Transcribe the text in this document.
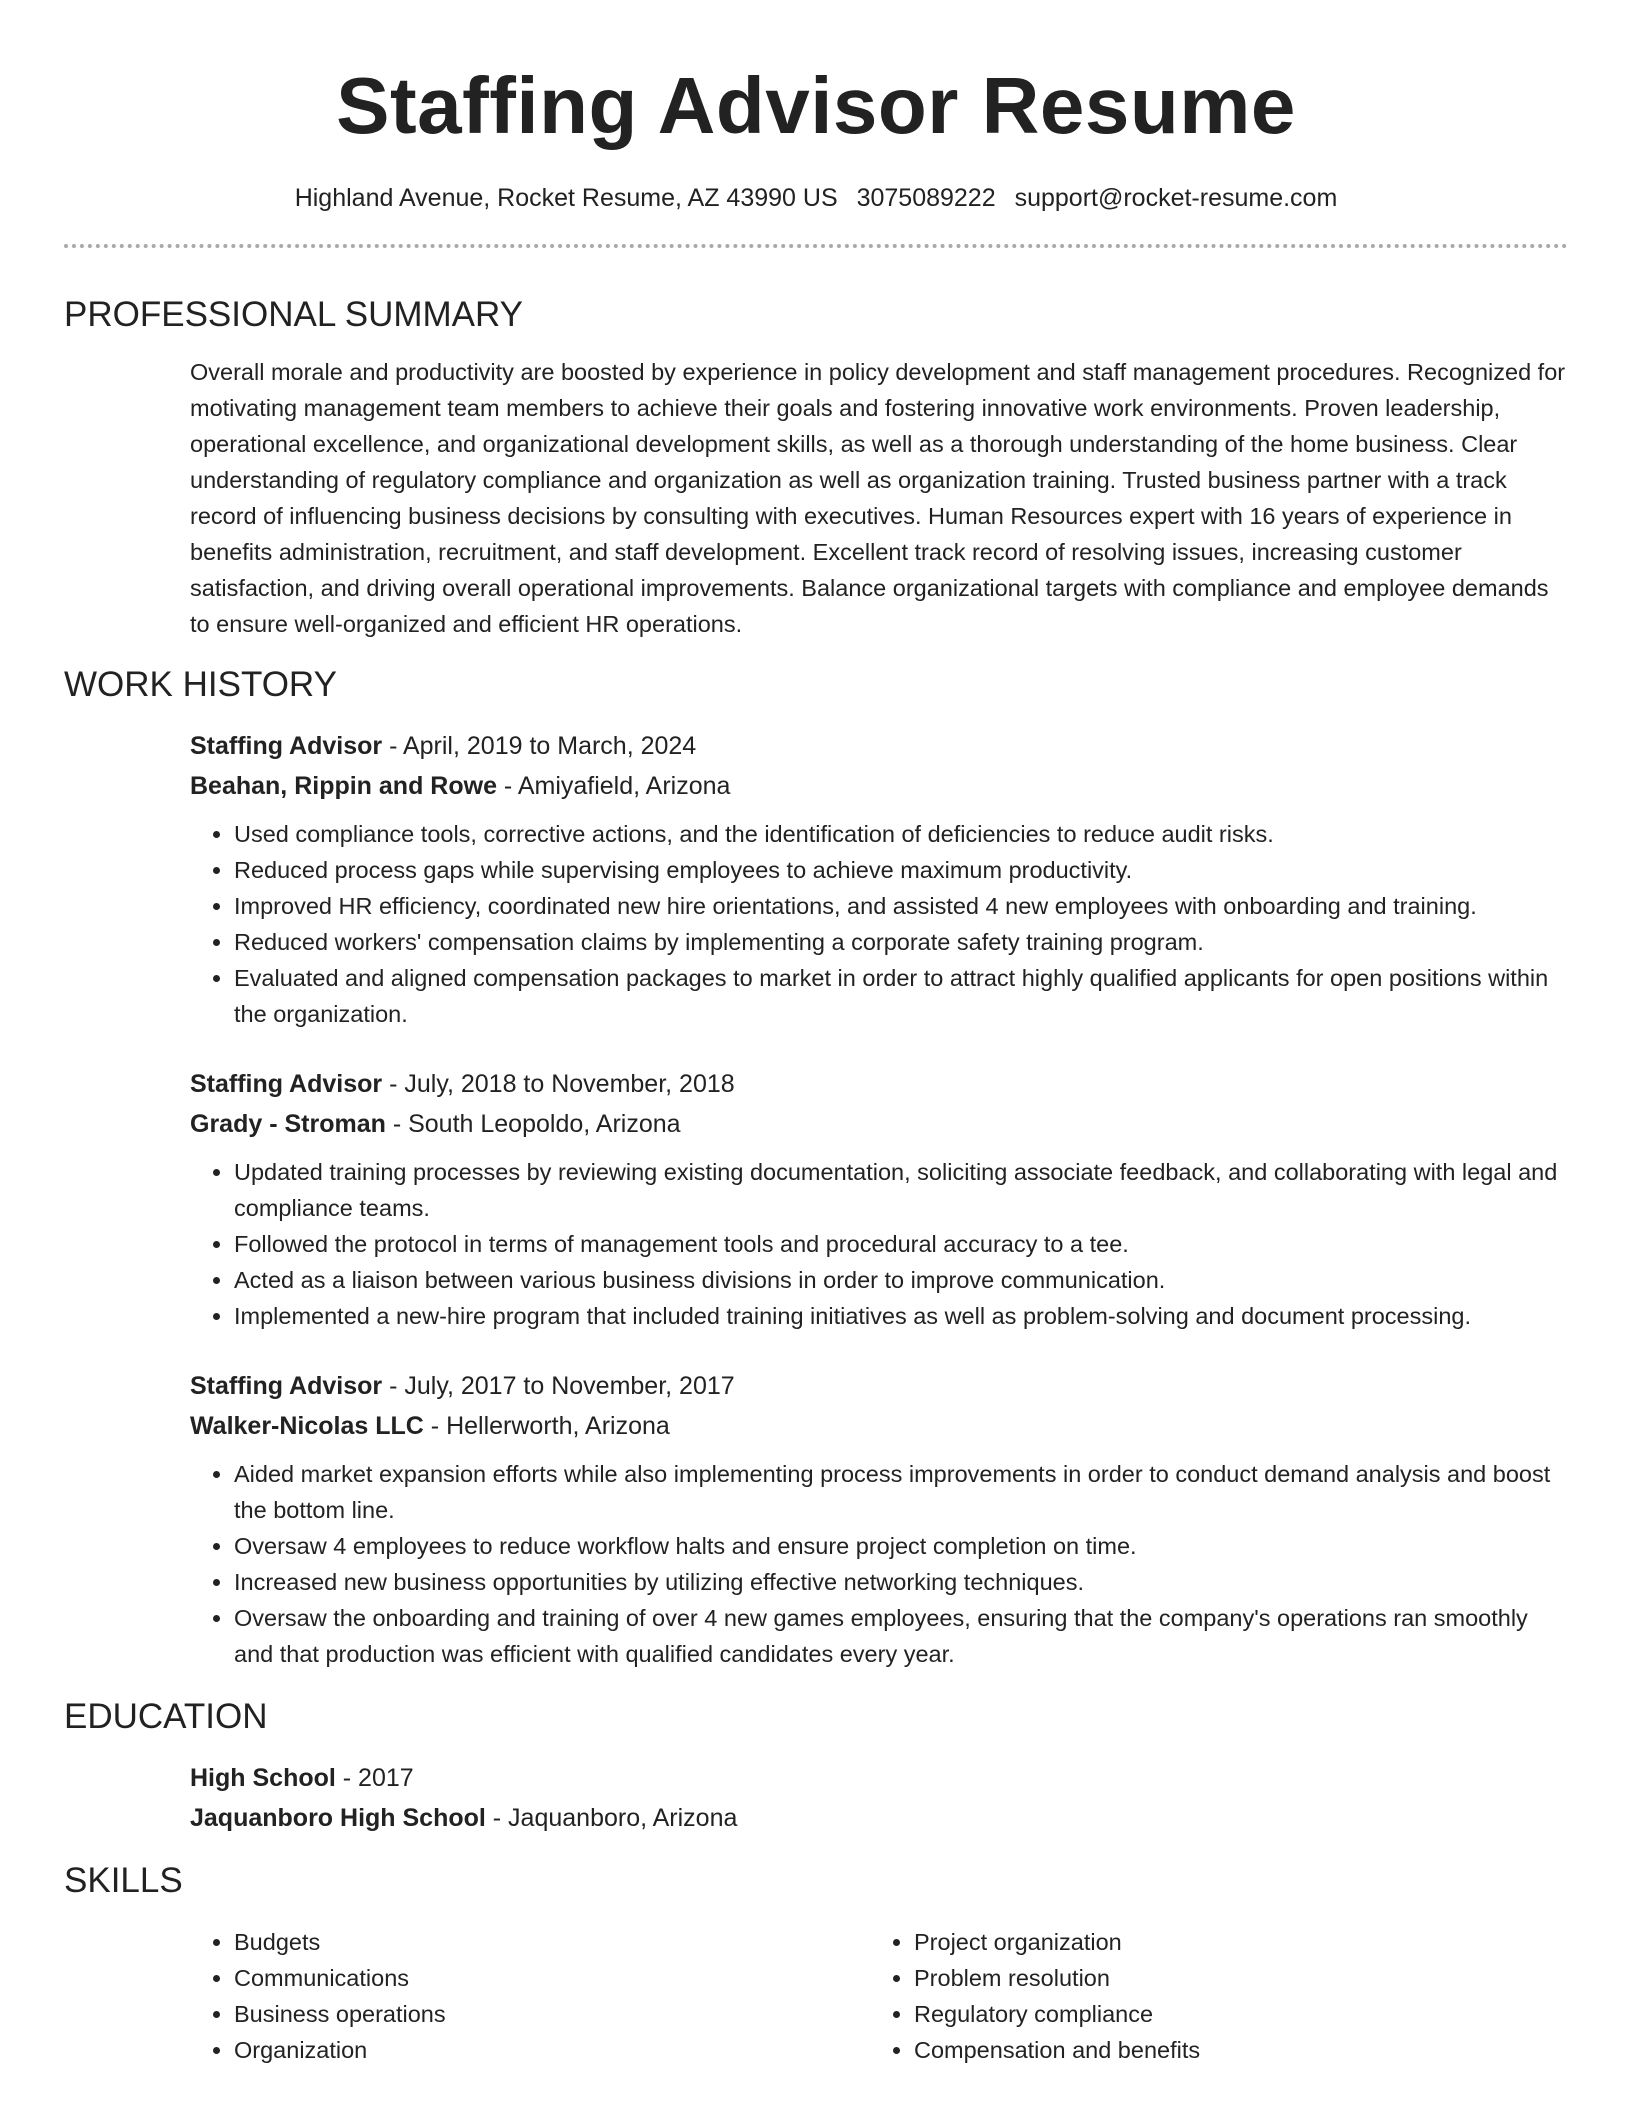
Staffing Advisor Resume
Highland Avenue, Rocket Resume, AZ 43990 US 3075089222 support@rocket-resume.com
PROFESSIONAL SUMMARY

Overall morale and productivity are boosted by experience in policy development and staff management procedures. Recognized for motivating management team members to achieve their goals and fostering innovative work environments. Proven leadership, operational excellence, and organizational development skills, as well as a thorough understanding of the home business. Clear understanding of regulatory compliance and organization as well as organization training. Trusted business partner with a track record of influencing business decisions by consulting with executives. Human Resources expert with 16 years of experience in benefits administration, recruitment, and staff development. Excellent track record of resolving issues, increasing customer satisfaction, and driving overall operational improvements. Balance organizational targets with compliance and employee demands to ensure well-organized and efficient HR operations.

WORK HISTORY
Staffing Advisor - April, 2019 to March, 2024
Beahan, Rippin and Rowe - Amiyafield, Arizona
• Used compliance tools, corrective actions, and the identification of deficiencies to reduce audit risks.
• Reduced process gaps while supervising employees to achieve maximum productivity.
• Improved HR efficiency, coordinated new hire orientations, and assisted 4 new employees with onboarding and training.
• Reduced workers' compensation claims by implementing a corporate safety training program.
• Evaluated and aligned compensation packages to market in order to attract highly qualified applicants for open positions within the organization.
Staffing Advisor - July, 2018 to November, 2018
Grady - Stroman - South Leopoldo, Arizona
• Updated training processes by reviewing existing documentation, soliciting associate feedback, and collaborating with legal and compliance teams.
• Followed the protocol in terms of management tools and procedural accuracy to a tee.
• Acted as a liaison between various business divisions in order to improve communication.
• Implemented a new-hire program that included training initiatives as well as problem-solving and document processing.
Staffing Advisor - July, 2017 to November, 2017
Walker-Nicolas LLC - Hellerworth, Arizona
• Aided market expansion efforts while also implementing process improvements in order to conduct demand analysis and boost the bottom line.
• Oversaw 4 employees to reduce workflow halts and ensure project completion on time.
• Increased new business opportunities by utilizing effective networking techniques.
• Oversaw the onboarding and training of over 4 new games employees, ensuring that the company's operations ran smoothly and that production was efficient with qualified candidates every year.
EDUCATION
High School - 2017
Jaquanboro High School - Jaquanboro, Arizona
SKILLS
• Budgets
• Communications
• Business operations
• Organization
• Project organization
• Problem resolution
• Regulatory compliance
• Compensation and benefits
